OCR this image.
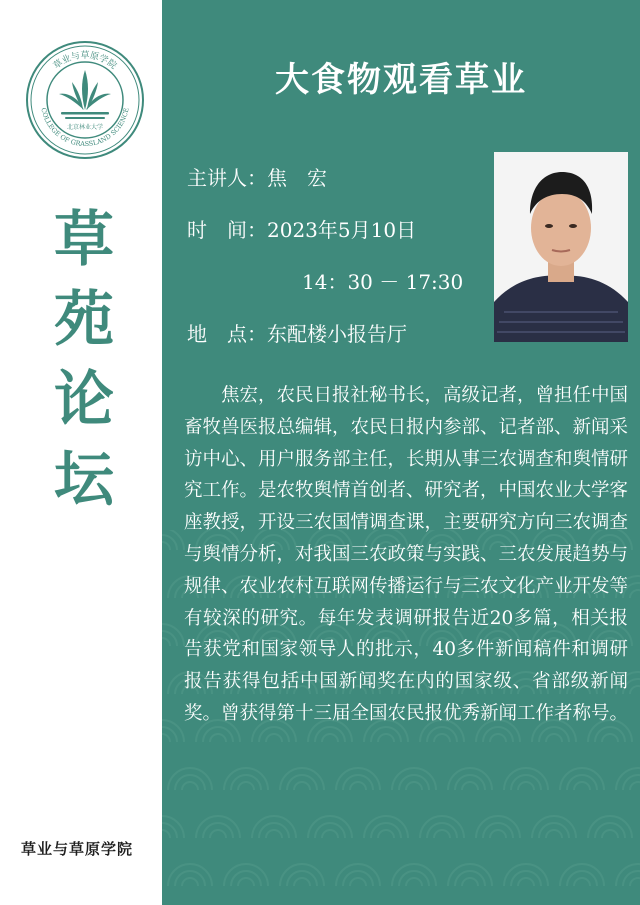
草业与草原学院
COLLEGE OF GRASSLAND SCIENCE
北京林业大学
草
苑
论
坛
草业与草原学院
大食物观看草业
主讲人：焦　宏
时　间：2023年5月10日
14：30 － 17:30
地　点：东配楼小报告厅
焦宏，农民日报社秘书长，高级记者，曾担任中国畜牧兽医报总编辑，农民日报内参部、记者部、新闻采访中心、用户服务部主任，长期从事三农调查和舆情研究工作。是农牧舆情首创者、研究者，中国农业大学客座教授，开设三农国情调查课，主要研究方向三农调查与舆情分析，对我国三农政策与实践、三农发展趋势与规律、农业农村互联网传播运行与三农文化产业开发等有较深的研究。每年发表调研报告近20多篇，相关报告获党和国家领导人的批示，40多件新闻稿件和调研报告获得包括中国新闻奖在内的国家级、省部级新闻奖。曾获得第十三届全国农民报优秀新闻工作者称号。
